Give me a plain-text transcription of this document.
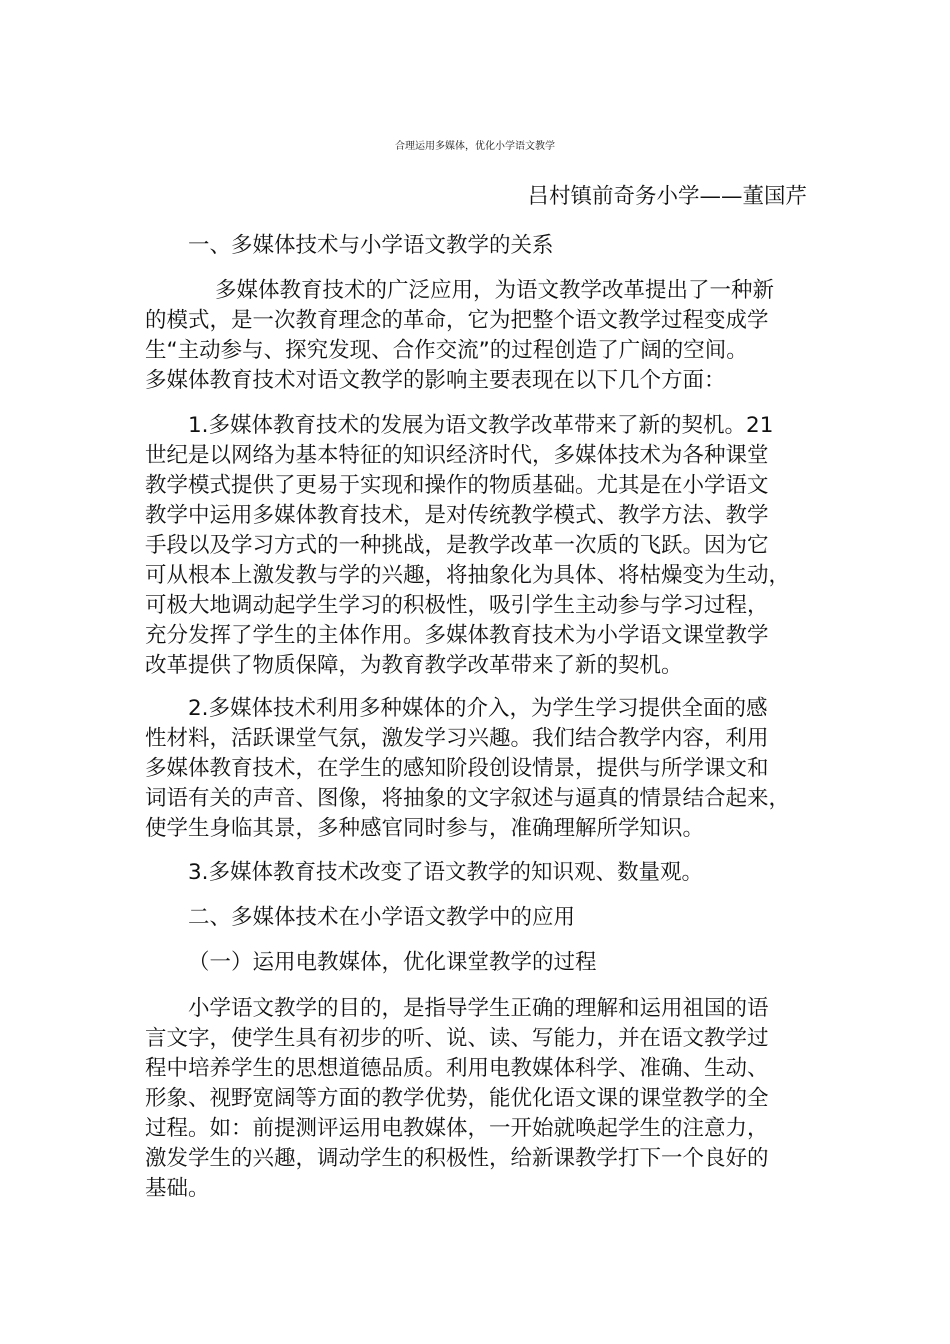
合理运用多媒体，优化小学语文教学
吕村镇前奇务小学——董国芹
一、多媒体技术与小学语文教学的关系
多媒体教育技术的广泛应用，为语文教学改革提出了一种新
的模式，是一次教育理念的革命，它为把整个语文教学过程变成学
生“主动参与、探究发现、合作交流”的过程创造了广阔的空间。
多媒体教育技术对语文教学的影响主要表现在以下几个方面：
1.多媒体教育技术的发展为语文教学改革带来了新的契机。21
世纪是以网络为基本特征的知识经济时代，多媒体技术为各种课堂
教学模式提供了更易于实现和操作的物质基础。尤其是在小学语文
教学中运用多媒体教育技术，是对传统教学模式、教学方法、教学
手段以及学习方式的一种挑战，是教学改革一次质的飞跃。因为它
可从根本上激发教与学的兴趣，将抽象化为具体、将枯燥变为生动，
可极大地调动起学生学习的积极性，吸引学生主动参与学习过程，
充分发挥了学生的主体作用。多媒体教育技术为小学语文课堂教学
改革提供了物质保障，为教育教学改革带来了新的契机。
2.多媒体技术利用多种媒体的介入，为学生学习提供全面的感
性材料，活跃课堂气氛，激发学习兴趣。我们结合教学内容，利用
多媒体教育技术，在学生的感知阶段创设情景，提供与所学课文和
词语有关的声音、图像，将抽象的文字叙述与逼真的情景结合起来，
使学生身临其景，多种感官同时参与，准确理解所学知识。
3.多媒体教育技术改变了语文教学的知识观、数量观。
二、多媒体技术在小学语文教学中的应用
（一）运用电教媒体，优化课堂教学的过程
小学语文教学的目的，是指导学生正确的理解和运用祖国的语
言文字，使学生具有初步的听、说、读、写能力，并在语文教学过
程中培养学生的思想道德品质。利用电教媒体科学、准确、生动、
形象、视野宽阔等方面的教学优势，能优化语文课的课堂教学的全
过程。如：前提测评运用电教媒体，一开始就唤起学生的注意力，
激发学生的兴趣，调动学生的积极性，给新课教学打下一个良好的
基础。
